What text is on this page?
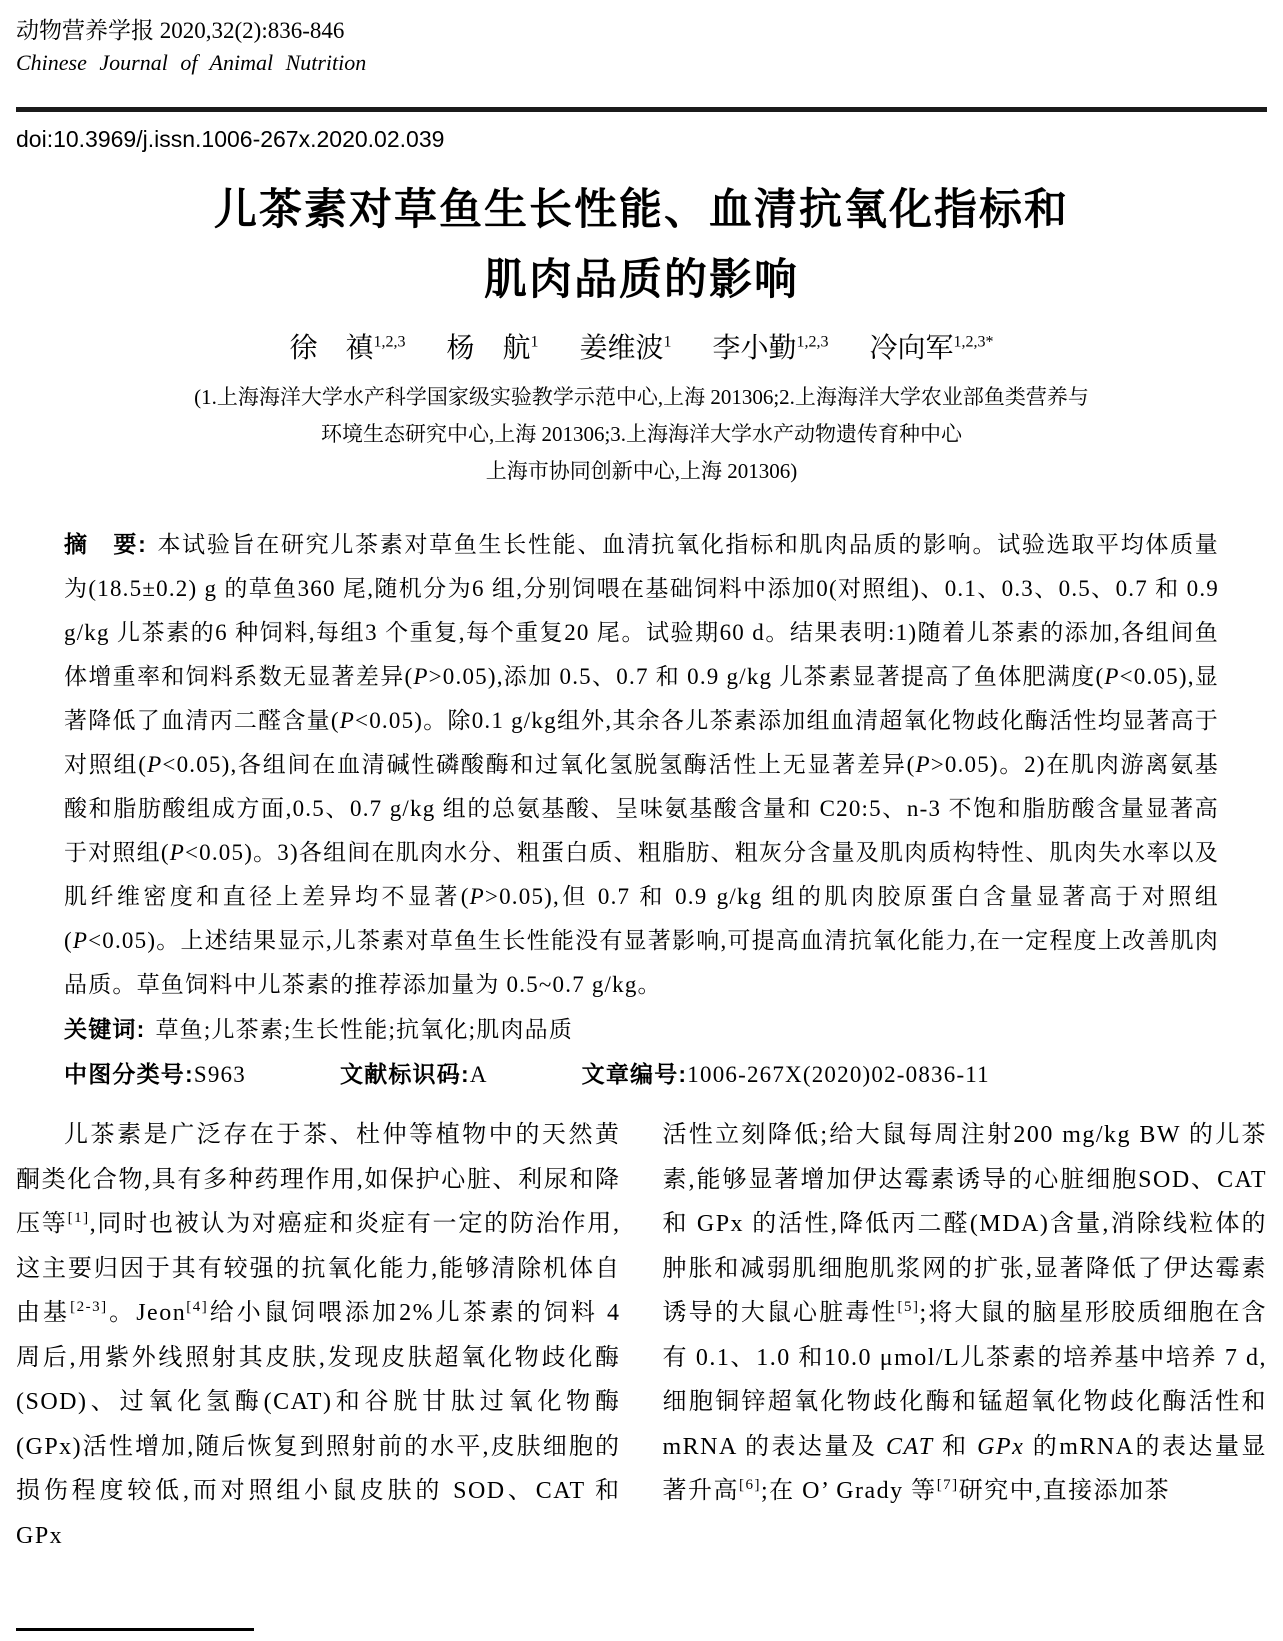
动物营养学报 2020,32(2):836-846
Chinese Journal of Animal Nutrition
doi:10.3969/j.issn.1006-267x.2020.02.039
儿茶素对草鱼生长性能、血清抗氧化指标和
肌肉品质的影响
徐　禛$^{1,2,3}$ 杨　航$^1$ 姜维波$^1$ 李小勤$^{1,2,3}$ 冷向军$^{1,2,3*}$
(1.上海海洋大学水产科学国家级实验教学示范中心,上海 201306;2.上海海洋大学农业部鱼类营养与
环境生态研究中心,上海 201306;3.上海海洋大学水产动物遗传育种中心
上海市协同创新中心,上海 201306)

摘　要: 本试验旨在研究儿茶素对草鱼生长性能、血清抗氧化指标和肌肉品质的影响。试验选取平均体质量为(18.5±0.2) g 的草鱼360 尾,随机分为6 组,分别饲喂在基础饲料中添加0(对照组)、0.1、0.3、0.5、0.7 和 0.9 g/kg 儿茶素的6 种饲料,每组3 个重复,每个重复20 尾。试验期60 d。结果表明:1)随着儿茶素的添加,各组间鱼体增重率和饲料系数无显著差异(P>0.05),添加 0.5、0.7 和 0.9 g/kg 儿茶素显著提高了鱼体肥满度(P<0.05),显著降低了血清丙二醛含量(P<0.05)。除0.1 g/kg组外,其余各儿茶素添加组血清超氧化物歧化酶活性均显著高于对照组(P<0.05),各组间在血清碱性磷酸酶和过氧化氢脱氢酶活性上无显著差异(P>0.05)。2)在肌肉游离氨基酸和脂肪酸组成方面,0.5、0.7 g/kg 组的总氨基酸、呈味氨基酸含量和 C20:5、n-3 不饱和脂肪酸含量显著高于对照组(P<0.05)。3)各组间在肌肉水分、粗蛋白质、粗脂肪、粗灰分含量及肌肉质构特性、肌肉失水率以及肌纤维密度和直径上差异均不显著(P>0.05),但 0.7 和 0.9 g/kg 组的肌肉胶原蛋白含量显著高于对照组(P<0.05)。上述结果显示,儿茶素对草鱼生长性能没有显著影响,可提高血清抗氧化能力,在一定程度上改善肌肉品质。草鱼饲料中儿茶素的推荐添加量为 0.5~0.7 g/kg。

关键词: 草鱼;儿茶素;生长性能;抗氧化;肌肉品质

中图分类号:S963	文献标识码:A	文章编号:1006-267X(2020)02-0836-11

儿茶素是广泛存在于茶、杜仲等植物中的天然黄酮类化合物,具有多种药理作用,如保护心脏、利尿和降压等[1],同时也被认为对癌症和炎症有一定的防治作用,这主要归因于其有较强的抗氧化能力,能够清除机体自由基[2-3]。Jeon[4]给小鼠饲喂添加2%儿茶素的饲料 4 周后,用紫外线照射其皮肤,发现皮肤超氧化物歧化酶(SOD)、过氧化氢酶(CAT)和谷胱甘肽过氧化物酶(GPx)活性增加,随后恢复到照射前的水平,皮肤细胞的损伤程度较低,而对照组小鼠皮肤的 SOD、CAT 和 GPx

活性立刻降低;给大鼠每周注射200 mg/kg BW 的儿茶素,能够显著增加伊达霉素诱导的心脏细胞SOD、CAT 和 GPx 的活性,降低丙二醛(MDA)含量,消除线粒体的肿胀和减弱肌细胞肌浆网的扩张,显著降低了伊达霉素诱导的大鼠心脏毒性[5];将大鼠的脑星形胶质细胞在含有 0.1、1.0 和10.0 μmol/L儿茶素的培养基中培养 7 d,细胞铜锌超氧化物歧化酶和锰超氧化物歧化酶活性和mRNA 的表达量及 CAT 和 GPx 的mRNA的表达量显著升高[6];在 O’ Grady 等[7]研究中,直接添加茶
